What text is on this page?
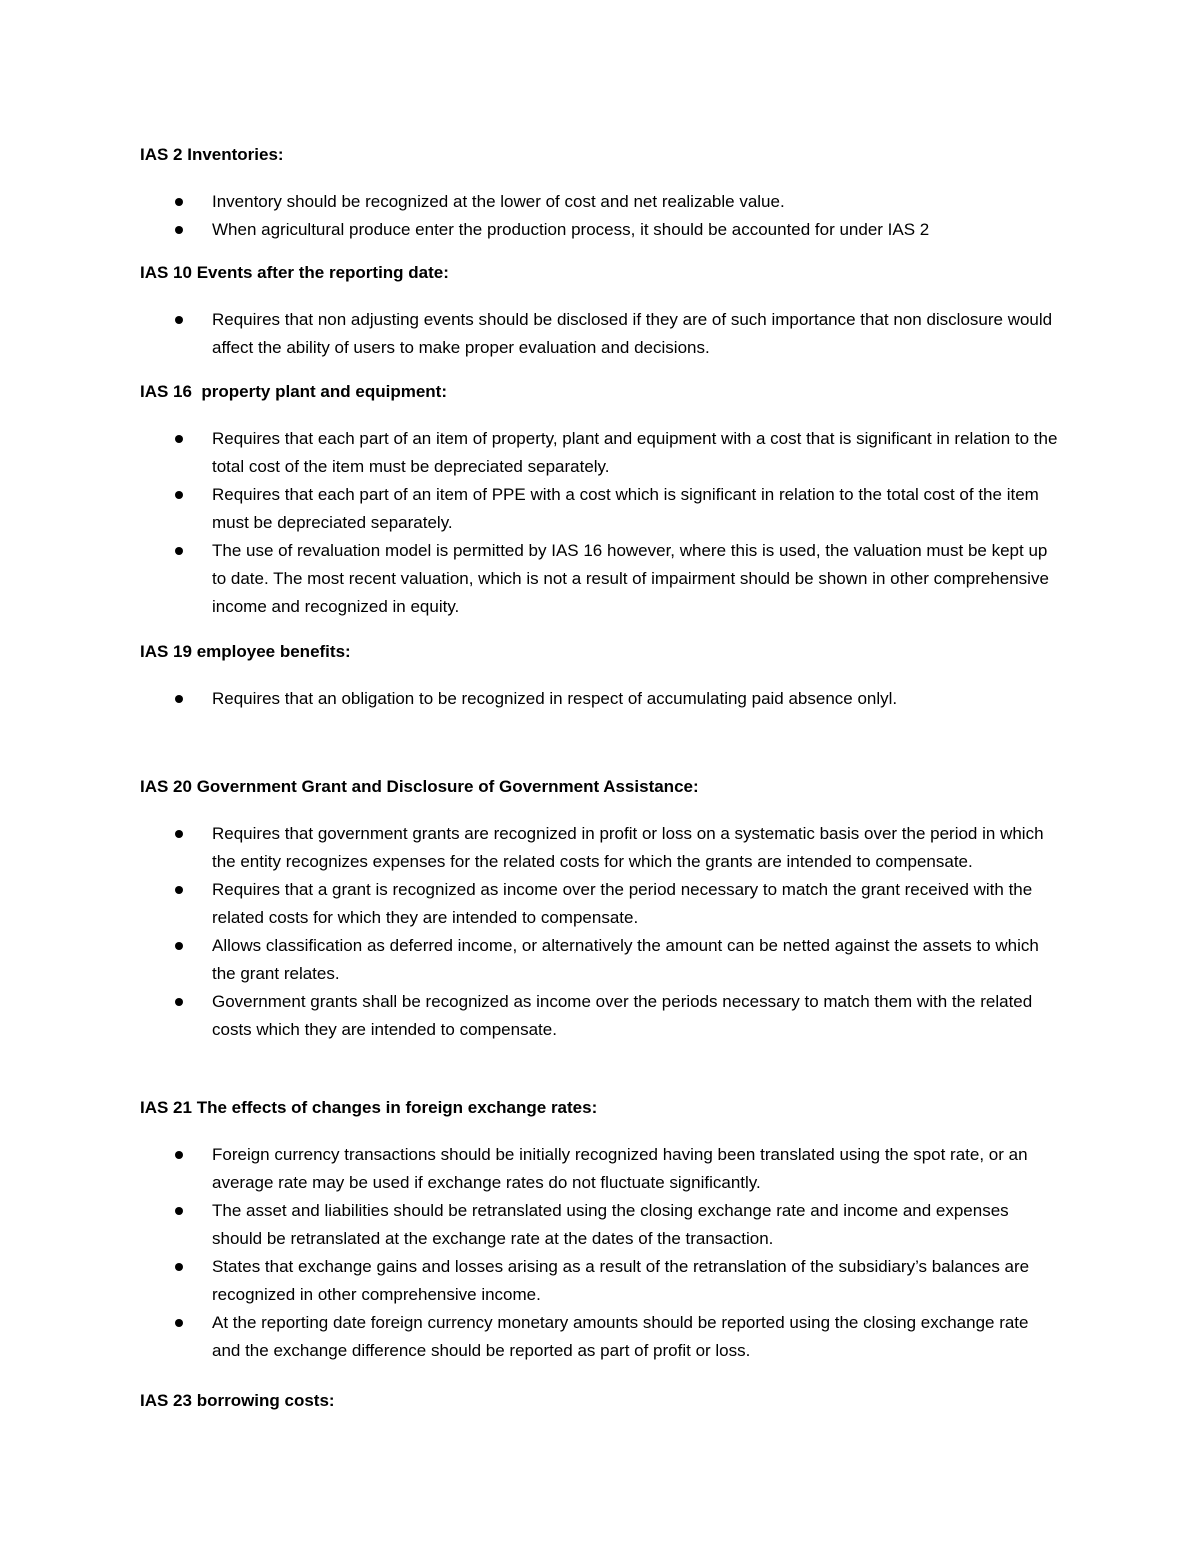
IAS 2 Inventories:

Inventory should be recognized at the lower of cost and net realizable value.
When agricultural produce enter the production process, it should be accounted for under IAS 2

IAS 10 Events after the reporting date:

Requires that non adjusting events should be disclosed if they are of such importance that non disclosure would affect the ability of users to make proper evaluation and decisions.

IAS 16  property plant and equipment:

Requires that each part of an item of property, plant and equipment with a cost that is significant in relation to the total cost of the item must be depreciated separately.
Requires that each part of an item of PPE with a cost which is significant in relation to the total cost of the item must be depreciated separately.
The use of revaluation model is permitted by IAS 16 however, where this is used, the valuation must be kept up to date. The most recent valuation, which is not a result of impairment should be shown in other comprehensive income and recognized in equity.

IAS 19 employee benefits:

Requires that an obligation to be recognized in respect of accumulating paid absence onlyl.

IAS 20 Government Grant and Disclosure of Government Assistance:

Requires that government grants are recognized in profit or loss on a systematic basis over the period in which the entity recognizes expenses for the related costs for which the grants are intended to compensate.
Requires that a grant is recognized as income over the period necessary to match the grant received with the related costs for which they are intended to compensate.
Allows classification as deferred income, or alternatively the amount can be netted against the assets to which the grant relates.
Government grants shall be recognized as income over the periods necessary to match them with the related costs which they are intended to compensate.

IAS 21 The effects of changes in foreign exchange rates:

Foreign currency transactions should be initially recognized having been translated using the spot rate, or an average rate may be used if exchange rates do not fluctuate significantly.
The asset and liabilities should be retranslated using the closing exchange rate and income and expenses should be retranslated at the exchange rate at the dates of the transaction.
States that exchange gains and losses arising as a result of the retranslation of the subsidiary’s balances are recognized in other comprehensive income.
At the reporting date foreign currency monetary amounts should be reported using the closing exchange rate and the exchange difference should be reported as part of profit or loss.

IAS 23 borrowing costs:
